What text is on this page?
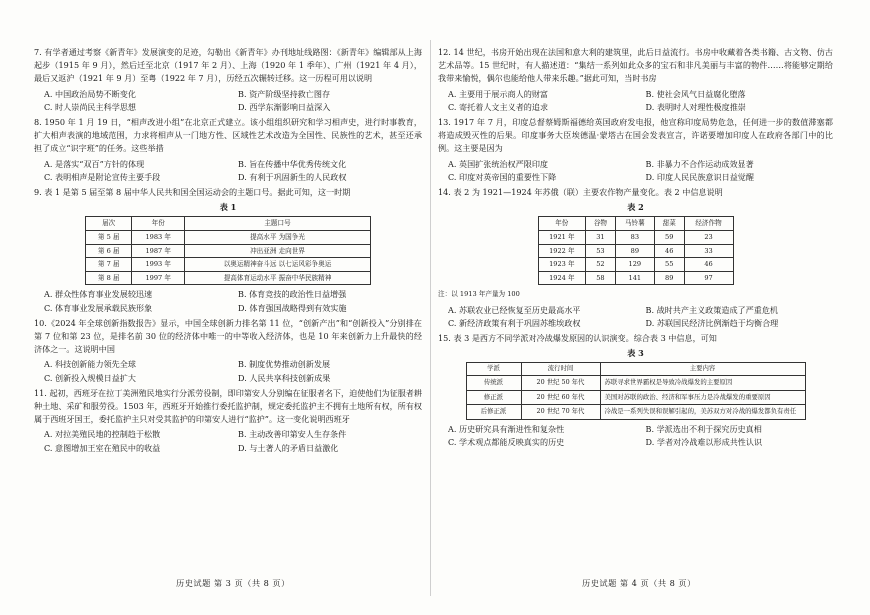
7. 有学者通过考察《新青年》发展演变的足迹，勾勒出《新青年》办刊地址线路图：《新青年》编辑部从上海起步（1915 年 9 月），然后迁至北京（1917 年 2 月）、上海（1920 年 1 季年）、广州（1921 年 4 月），最后又返沪（1921 年 9 月）至粤（1922 年 7 月），历经五次辗转迁移。这一历程可用以说明

A. 中国政治局势不断变化	B. 资产阶级坚持救亡图存
C. 时人崇尚民主科学思想	D. 西学东渐影响日益深入

8. 1950 年 1 月 19 日，“相声改进小组”在北京正式建立。该小组组织研究和学习相声史，进行时事教育，扩大相声表演的地域范围，力求将相声从一门地方性、区域性艺术改造为全国性、民族性的艺术，甚至还承担了成立“识字班”的任务。这些举措

A. 是落实“双百”方针的体现	B. 旨在传播中华优秀传统文化
C. 表明相声是附论宣传主要手段	D. 有利于巩固新生的人民政权

9. 表 1 是第 5 届至第 8 届中华人民共和国全国运动会的主题口号。据此可知，这一时期

表 1
届次	年份	主题口号
第 5 届	1983 年	提高水平 为国争光
第 6 届	1987 年	冲出亚洲 走向世界
第 7 届	1993 年	以奥运精神奋斗远 以七运风彩争奥运
第 8 届	1997 年	提高体育运动水平 振奋中华民族精神
A. 群众性体育事业发展较迅速	B. 体育竞技的政治性日益增强
C. 体育事业发展承载民族形象	D. 体育强国战略得到有效实施

10.《2024 年全球创新指数报告》显示，中国全球创新力排名第 11 位，“创新产出”和“创新投入”分别排在第 7 位和第 23 位，是排名前 30 位的经济体中唯一的中等收入经济体，也是 10 年来创新力上升最快的经济体之一。这说明中国

A. 科技创新能力领先全球	B. 制度优势推动创新发展
C. 创新投入规模日益扩大	D. 人民共享科技创新成果

11. 起初，西班牙在拉丁美洲殖民地实行分派劳役制，即印第安人分别编在征服者名下，迫使他们为征服者耕种土地、采矿和服劳役。1503 年，西班牙开始推行委托监护制，规定委托监护主不拥有土地所有权，所有权属于西班牙国王，委托监护主只对受其监护的印第安人进行“监护”。这一变化说明西班牙

A. 对拉美殖民地的控制趋于松散	B. 主动改善印第安人生存条件
C. 意图增加王室在殖民中的收益	D. 与土著人的矛盾日益激化

12. 14 世纪，书房开始出现在法国和意大利的建筑里，此后日益流行。书房中收藏着各类书籍、古文物、仿古艺术品等。15 世纪时，有人描述道：“集结一系列如此众多的宝石和非凡美丽与丰富的物件……将能够定期给我带来愉悦，偶尔也能给他人带来乐趣。”据此可知，当时书房

A. 主要用于展示商人的财富	B. 使社会风气日益腐化堕落
C. 寄托着人文主义者的追求	D. 表明时人对理性极度推崇

13. 1917 年 7 月，印度总督蔡姆斯福德给英国政府发电报，他宣称印度局势危急，任何进一步的数值滞塞都将造成毁灭性的后果。印度事务大臣埃德温·蒙塔古在国会发表宣言，许诺要增加印度人在政府各部门中的比例。这主要是因为

A. 英国扩张统治权严限印度	B. 非暴力不合作运动成效显著
C. 印度对英帝国的重要性下降	D. 印度人民民族意识日益觉醒

14. 表 2 为 1921—1924 年苏俄（联）主要农作物产量变化。表 2 中信息说明

表 2
年份	谷物	马铃薯	甜菜	经济作物
1921 年	31	83	59	23
1922 年	53	89	46	33
1923 年	52	129	55	46
1924 年	58	141	89	97

注：以 1913 年产量为 100

A. 苏联农业已经恢复至历史最高水平	B. 战时共产主义政策造成了严重危机
C. 新经济政策有利于巩固苏维埃政权	D. 苏联国民经济比例渐趋于均衡合理

15. 表 3 是西方不同学派对冷战爆发原因的认识演变。综合表 3 中信息，可知

表 3
学派	流行时间	主要内容
传统派	20 世纪 50 年代	苏联寻求世界霸权是导致冷战爆发的主要原因
修正派	20 世纪 60 年代	美国对苏联的政治、经济和军事压力是冷战爆发的重要原因
后修正派	20 世纪 70 年代	冷战是一系列失误和误解引起的，美苏双方对冷战的爆发都负有责任
A. 历史研究具有渐进性和复杂性	B. 学派选出不利于探究历史真相
C. 学术观点都能反映真实的历史	D. 学者对冷战难以形成共性认识
历史试题 第 3 页（共 8 页）	历史试题 第 4 页（共 8 页）
